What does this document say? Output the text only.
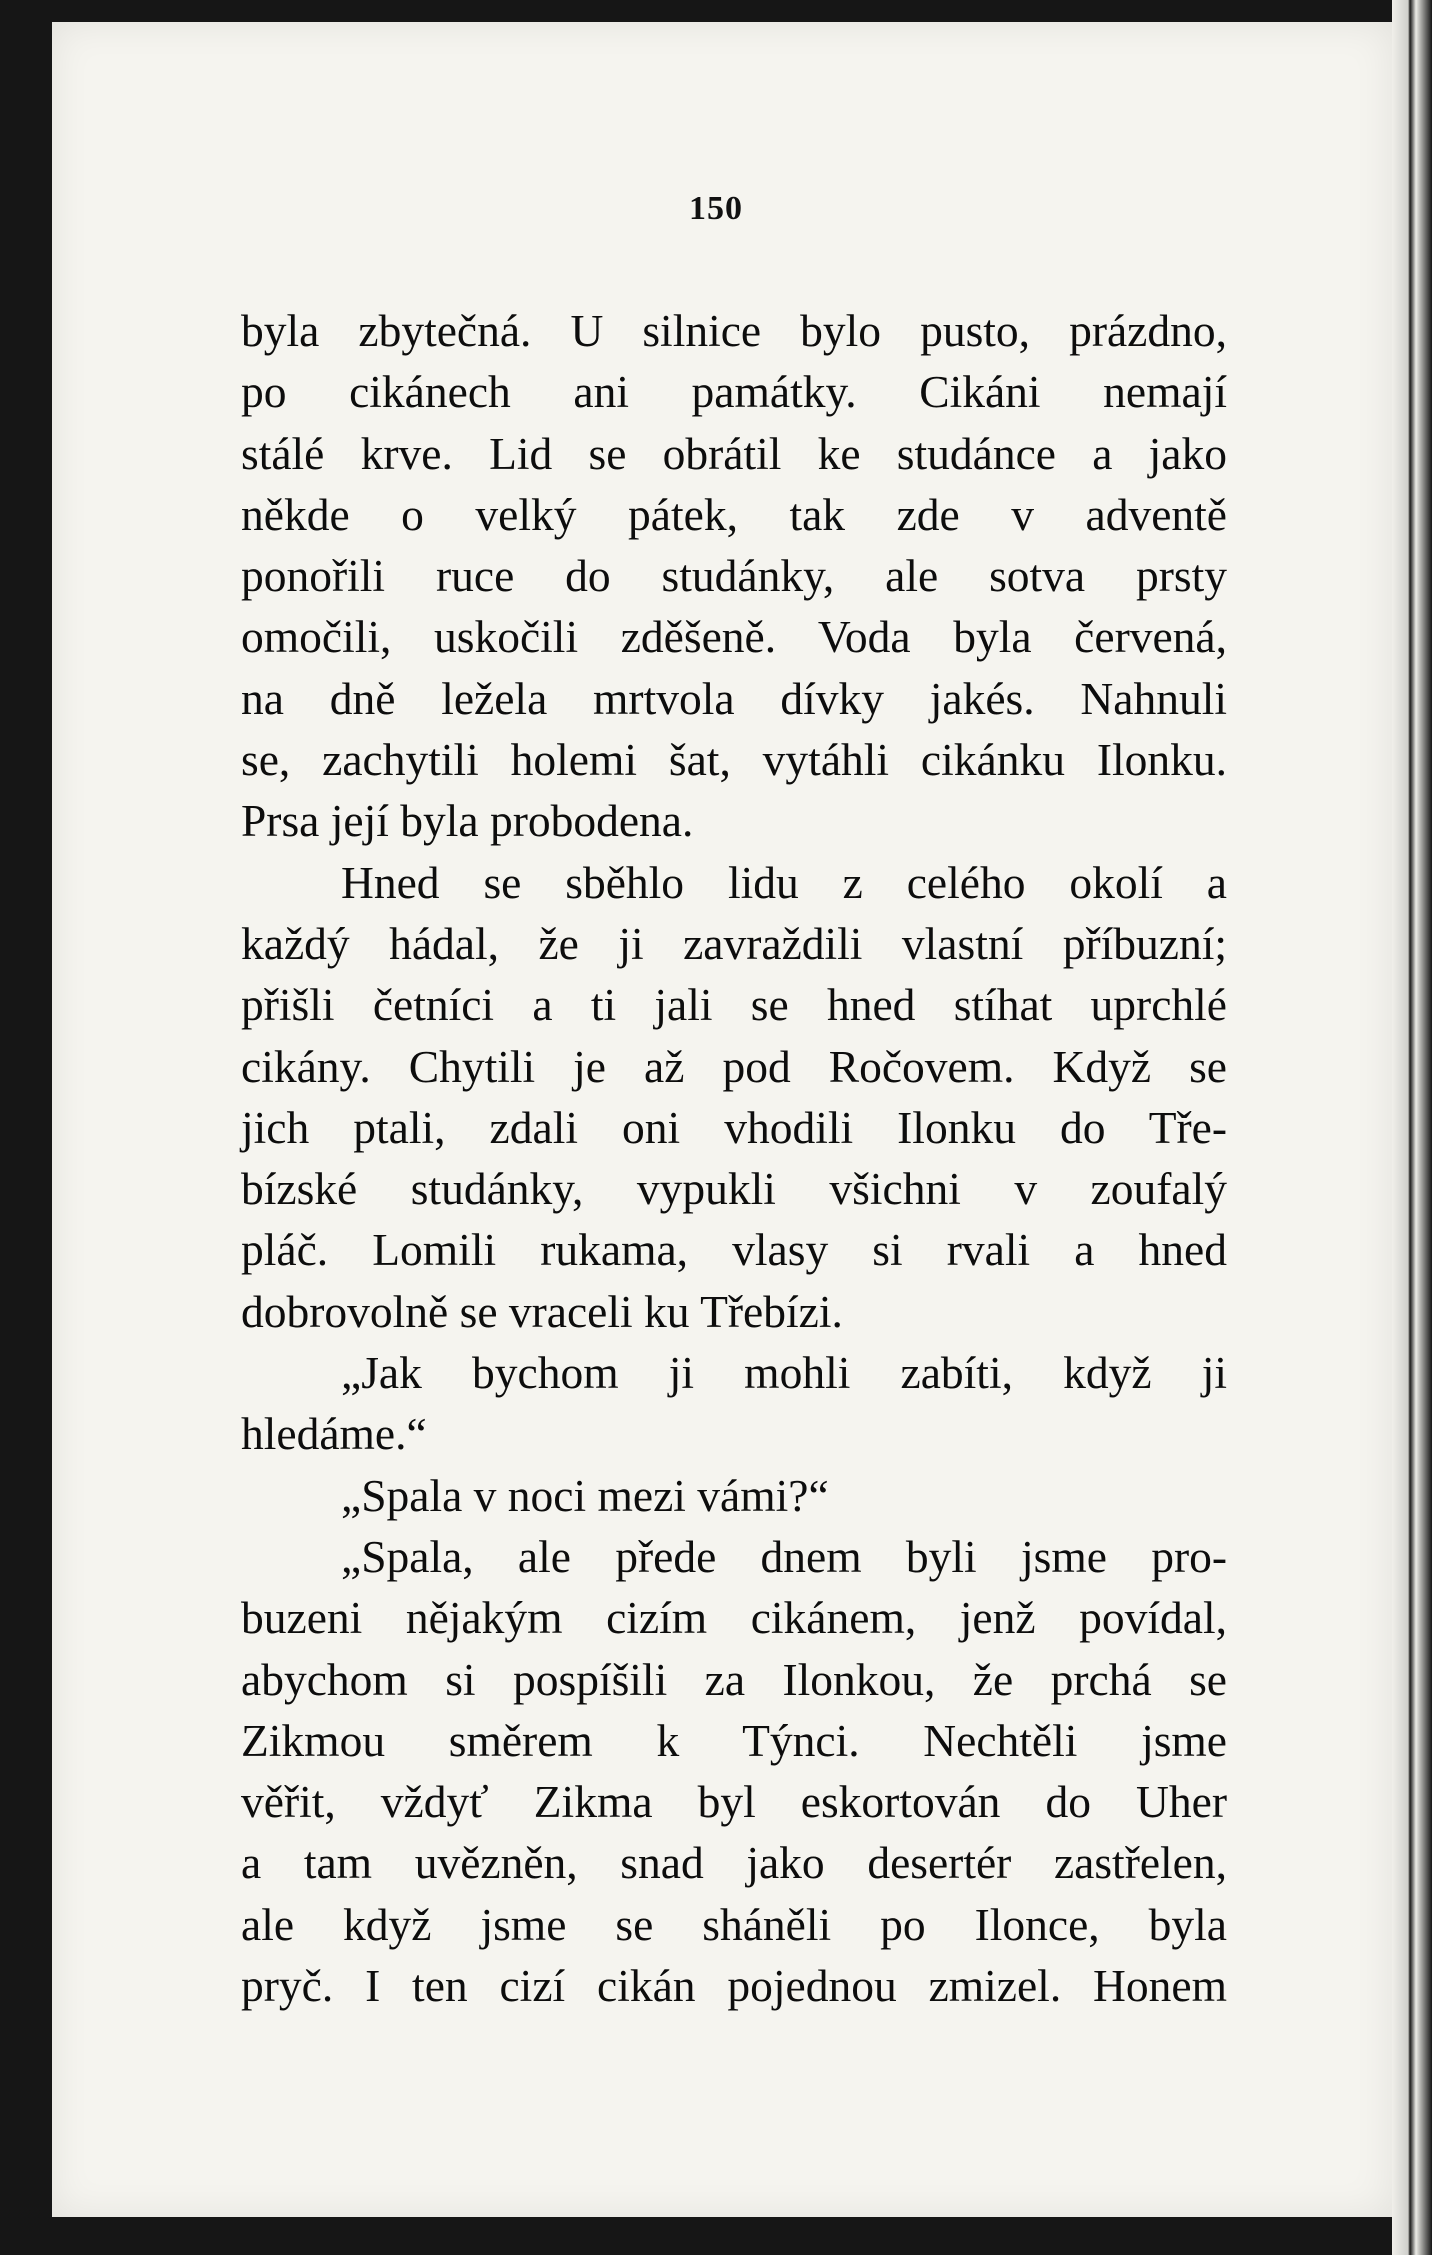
150
byla zbytečná. U silnice bylo pusto, prázdno,
po cikánech ani památky. Cikáni nemají
stálé krve. Lid se obrátil ke studánce a jako
někde o velký pátek, tak zde v adventě
ponořili ruce do studánky, ale sotva prsty
omočili, uskočili zděšeně. Voda byla červená,
na dně ležela mrtvola dívky jakés. Nahnuli
se, zachytili holemi šat, vytáhli cikánku Ilonku.
Prsa její byla probodena.
Hned se sběhlo lidu z celého okolí a
každý hádal, že ji zavraždili vlastní příbuzní;
přišli četníci a ti jali se hned stíhat uprchlé
cikány. Chytili je až pod Ročovem. Když se
jich ptali, zdali oni vhodili Ilonku do Tře-
bízské studánky, vypukli všichni v zoufalý
pláč. Lomili rukama, vlasy si rvali a hned
dobrovolně se vraceli ku Třebízi.
„Jak bychom ji mohli zabíti, když ji
hledáme.“
„Spala v noci mezi vámi?“
„Spala, ale přede dnem byli jsme pro-
buzeni nějakým cizím cikánem, jenž povídal,
abychom si pospíšili za Ilonkou, že prchá se
Zikmou směrem k Týnci. Nechtěli jsme
věřit, vždyť Zikma byl eskortován do Uher
a tam uvězněn, snad jako desertér zastřelen,
ale když jsme se sháněli po Ilonce, byla
pryč. I ten cizí cikán pojednou zmizel. Honem
